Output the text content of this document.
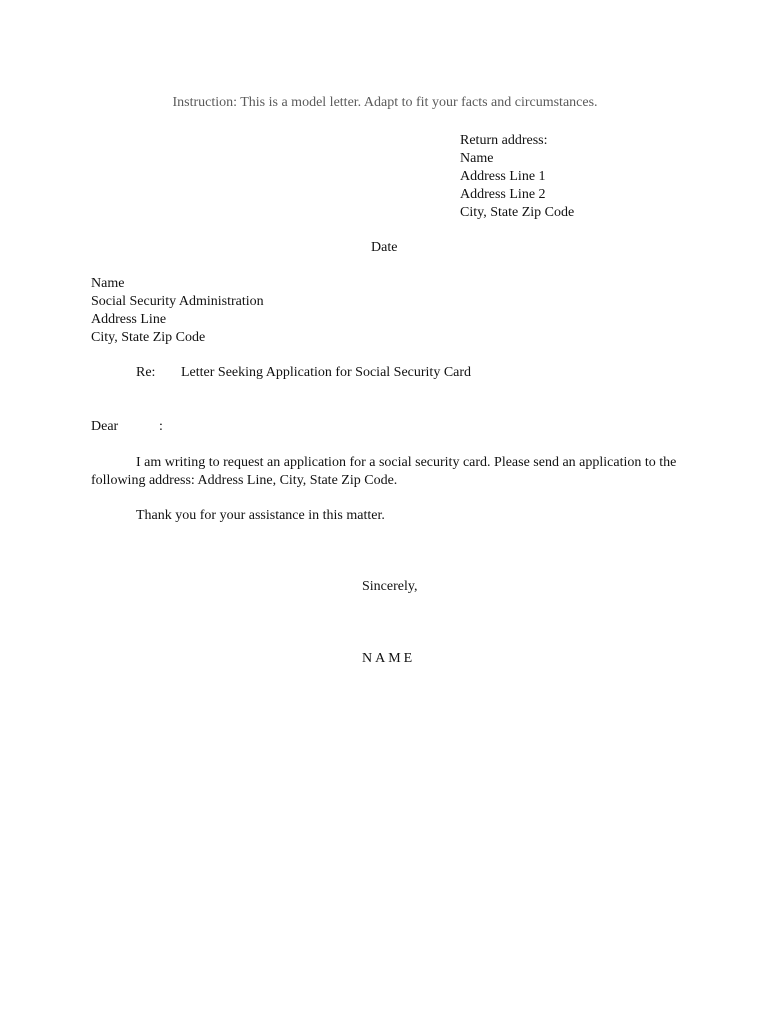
Instruction: This is a model letter. Adapt to fit your facts and circumstances.
Return address:
Name
Address Line 1
Address Line 2
City, State Zip Code
Date
Name
Social Security Administration
Address Line
City, State Zip Code
Re: Letter Seeking Application for Social Security Card
Dear	:
I am writing to request an application for a social security card. Please send an application to the following address: Address Line, City, State Zip Code.
Thank you for your assistance in this matter.
Sincerely,
NAME
